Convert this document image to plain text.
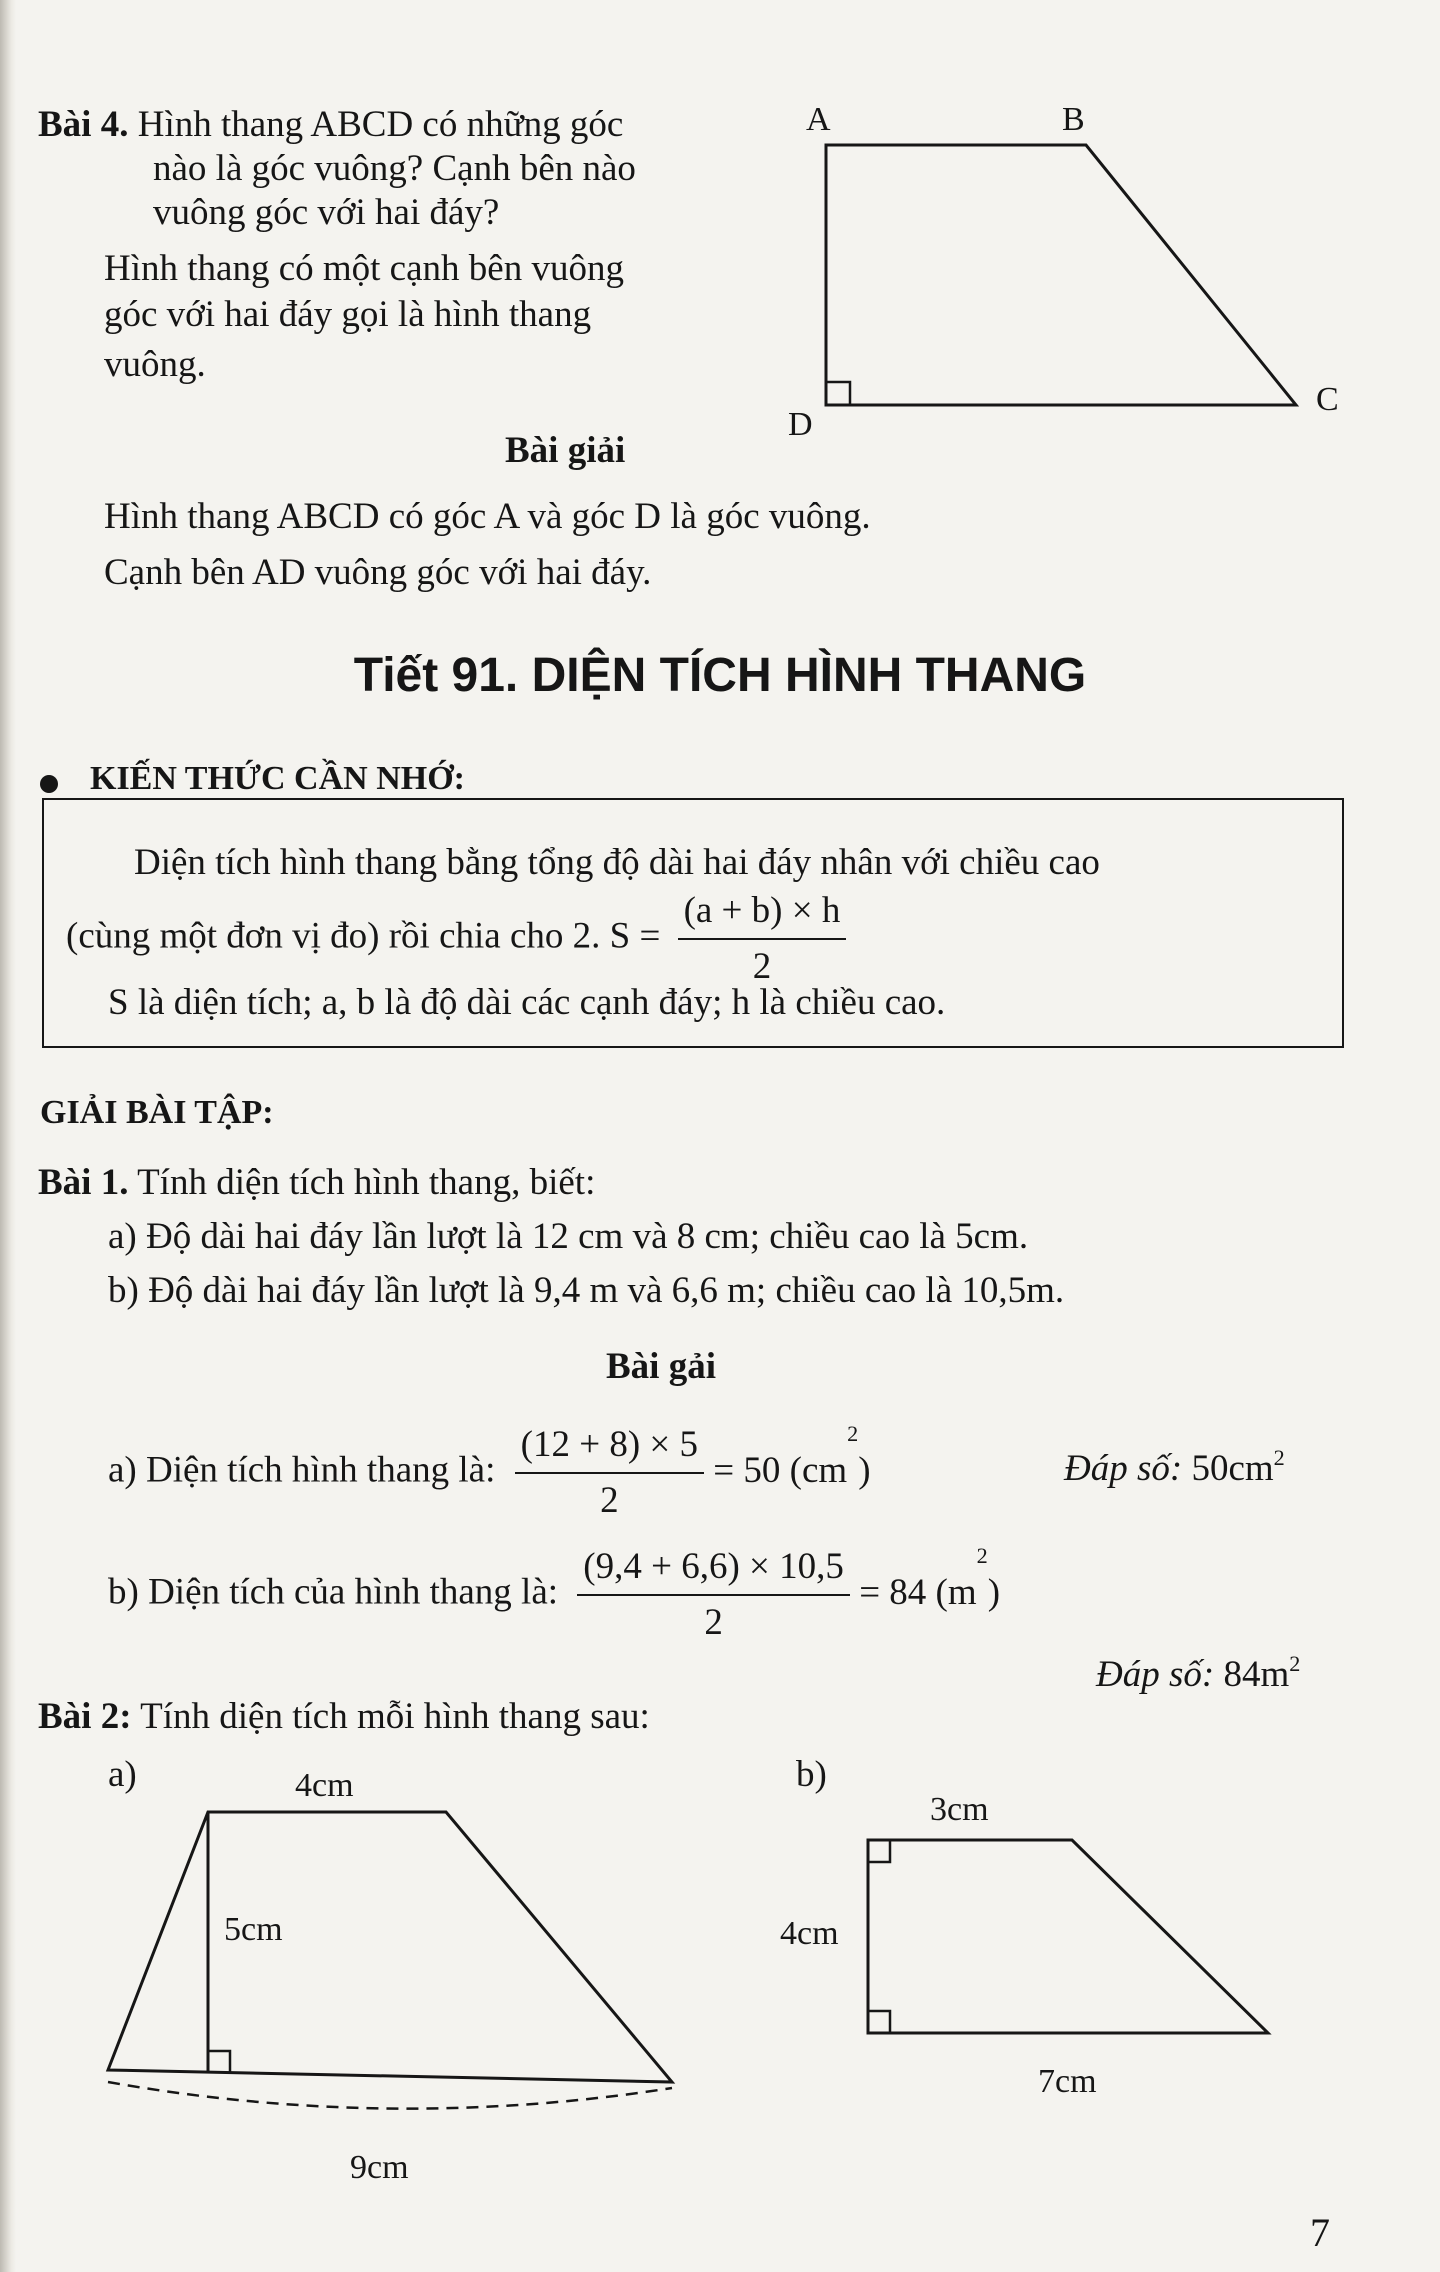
Bài 4. Hình thang ABCD có những góc
nào là góc vuông? Cạnh bên nào
vuông góc với hai đáy?
Hình thang có một cạnh bên vuông
góc với hai đáy gọi là hình thang
vuông.
A	B
C
D
Bài giải
Hình thang ABCD có góc A và góc D là góc vuông.
Cạnh bên AD vuông góc với hai đáy.
Tiết 91. DIỆN TÍCH HÌNH THANG
KIẾN THỨC CẦN NHỚ:
Diện tích hình thang bằng tổng độ dài hai đáy nhân với chiều cao
(cùng một đơn vị đo) rồi chia cho 2. $S = \frac{(a + b) \times h}{2}$
S là diện tích; a, b là độ dài các cạnh đáy; h là chiều cao.
GIẢI BÀI TẬP:
Bài 1. Tính diện tích hình thang, biết:
a) Độ dài hai đáy lần lượt là 12 cm và 8 cm; chiều cao là 5cm.
b) Độ dài hai đáy lần lượt là 9,4 m và 6,6 m; chiều cao là 10,5m.
Bài gải
a) Diện tích hình thang là: $\frac{(12 + 8) \times 5}{2} = 50$ $(cm^2)$	Đáp số: $50cm^2$
b) Diện tích của hình thang là: $\frac{(9,4 + 6,6) \times 10,5}{2} = 84$ $(m^2)$
Đáp số: $84m^2$
Bài 2: Tính diện tích mỗi hình thang sau:
a)	b)
4cm
5cm
9cm
3cm
4cm
7cm
7
